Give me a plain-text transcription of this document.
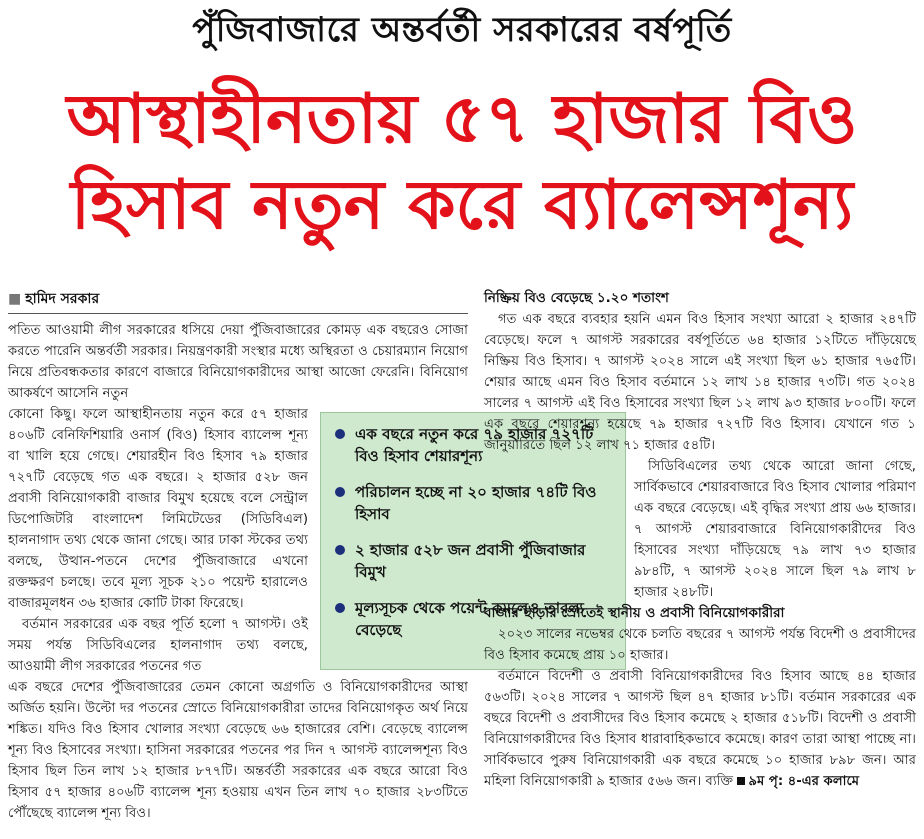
পুঁজিবাজারে অন্তর্বর্তী সরকারের বর্ষপূর্তি
আস্থাহীনতায় ৫৭ হাজার বিও
হিসাব নতুন করে ব্যালেন্সশূন্য
■ হামিদ সরকার

পতিত আওয়ামী লীগ সরকারের ধসিয়ে দেয়া পুঁজিবাজারের কোমড় এক বছরেও সোজা করতে পারেনি অন্তর্বর্তী সরকার। নিয়ন্ত্রণকারী সংস্থার মধ্যে অস্থিরতা ও চেয়ারম্যান নিয়োগ নিয়ে প্রতিবন্ধকতার কারণে বাজারে বিনিয়োগকারীদের আস্থা আজো ফেরেনি। বিনিয়োগ আকর্ষণে আসেনি নতুন

কোনো কিছু। ফলে আস্থাহীনতায় নতুন করে ৫৭ হাজার ৪০৬টি বেনিফিশিয়ারি ওনার্স (বিও) হিসাব ব্যালেন্স শূন্য বা খালি হয়ে গেছে। শেয়ারহীন বিও হিসাব ৭৯ হাজার ৭২৭টি বেড়েছে গত এক বছরে। ২ হাজার ৫২৮ জন প্রবাসী বিনিয়োগকারী বাজার বিমুখ হয়েছে বলে সেন্ট্রাল ডিপোজিটরি বাংলাদেশ লিমিটেডের (সিডিবিএল) হালনাগাদ তথ্য থেকে জানা গেছে। আর ঢাকা স্টকের তথ্য বলছে, উত্থান-পতনে দেশের পুঁজিবাজারে এখনো রক্তক্ষরণ চলছে। তবে মূল্য সূচক ২১০ পয়েন্ট হারালেও বাজারমূলধন ৩৬ হাজার কোটি টাকা ফিরেছে।

বর্তমান সরকারের এক বছর পূর্তি হলো ৭ আগস্ট। ওই সময় পর্যন্ত সিডিবিএলের হালনাগাদ তথ্য বলছে, আওয়ামী লীগ সরকারের পতনের গত

এক বছরে দেশের পুঁজিবাজারের তেমন কোনো অগ্রগতি ও বিনিয়োগকারীদের আস্থা অর্জিত হয়নি। উল্টো দর পতনের স্রোতে বিনিয়োগকারীরা তাদের বিনিয়োগকৃত অর্থ নিয়ে শঙ্কিত। যদিও বিও হিসাব খোলার সংখ্যা বেড়েছে ৬৬ হাজারের বেশি। বেড়েছে ব্যালেন্স শূন্য বিও হিসাবের সংখ্যা। হাসিনা সরকারের পতনের পর দিন ৭ আগস্ট ব্যালেন্সশূন্য বিও হিসাব ছিল তিন লাখ ১২ হাজার ৮৭৭টি। অন্তর্বর্তী সরকারের এক বছরে আরো বিও হিসাব ৫৭ হাজার ৪০৬টি ব্যালেন্স শূন্য হওয়ায় এখন তিন লাখ ৭০ হাজার ২৮৩টিতে পৌঁছেছে ব্যালেন্স শূন্য বিও।

এক বছরে নতুন করে ৭৯ হাজার ৭২৭টি বিও হিসাব শেয়ারশূন্য
পরিচালন হচ্ছে না ২০ হাজার ৭৪টি বিও হিসাব
২ হাজার ৫২৮ জন প্রবাসী পুঁজিবাজার বিমুখ
মূল্যসূচক থেকে পয়েন্ট কমলেও তারল্য বেড়েছে
নিষ্ক্রিয় বিও বেড়েছে ১.২০ শতাংশ

গত এক বছরে ব্যবহার হয়নি এমন বিও হিসাব সংখ্যা আরো ২ হাজার ২৪৭টি বেড়েছে। ফলে ৭ আগস্ট সরকারের বর্ষপূর্তিতে ৬৪ হাজার ১২টিতে দাঁড়িয়েছে নিষ্ক্রিয় বিও হিসাব। ৭ আগস্ট ২০২৪ সালে এই সংখ্যা ছিল ৬১ হাজার ৭৬৫টি। শেয়ার আছে এমন বিও হিসাব বর্তমানে ১২ লাখ ১৪ হাজার ৭৩টি। গত ২০২৪ সালের ৭ আগস্ট এই বিও হিসাবের সংখ্যা ছিল ১২ লাখ ৯৩ হাজার ৮০০টি। ফলে এক বছরে শেয়ারশূন্য হয়েছে ৭৯ হাজার ৭২৭টি বিও হিসাব। যেখানে গত ১ জানুয়ারিতে ছিল ১২ লাখ ৭১ হাজার ৫৪টি।

সিডিবিএলের তথ্য থেকে আরো জানা গেছে, সার্বিকভাবে শেয়ারবাজারে বিও হিসাব খোলার পরিমাণ এক বছরে বেড়েছে। এই বৃদ্ধির সংখ্যা প্রায় ৬৬ হাজার। ৭ আগস্ট শেয়ারবাজারে বিনিয়োগকারীদের বিও হিসাবের সংখ্যা দাঁড়িয়েছে ৭৯ লাখ ৭৩ হাজার ৯৮৪টি, ৭ আগস্ট ২০২৪ সালে ছিল ৭৯ লাখ ৮ হাজার ২৪৮টি।

বাজার ছাড়ার স্রোতেই স্থানীয় ও প্রবাসী বিনিয়োগকারীরা

২০২৩ সালের নভেম্বর থেকে চলতি বছরের ৭ আগস্ট পর্যন্ত বিদেশী ও প্রবাসীদের বিও হিসাব কমেছে প্রায় ১০ হাজার।

বর্তমানে বিদেশী ও প্রবাসী বিনিয়োগকারীদের বিও হিসাব আছে ৪৪ হাজার ৫৬৩টি। ২০২৪ সালের ৭ আগস্ট ছিল ৪৭ হাজার ৮১টি। বর্তমান সরকারের এক বছরে বিদেশী ও প্রবাসীদের বিও হিসাব কমেছে ২ হাজার ৫১৮টি। বিদেশী ও প্রবাসী বিনিয়োগকারীদের বিও হিসাব ধারাবাহিকভাবে কমেছে। কারণ তারা আস্থা পাচ্ছে না। সার্বিকভাবে পুরুষ বিনিয়োগকারী এক বছরে কমেছে ১০ হাজার ৮৯৮ জন। আর মহিলা বিনিয়োগকারী ৯ হাজার ৫৬৬ জন। ব্যক্তি ৯ম পৃ: ৪-এর কলামে
